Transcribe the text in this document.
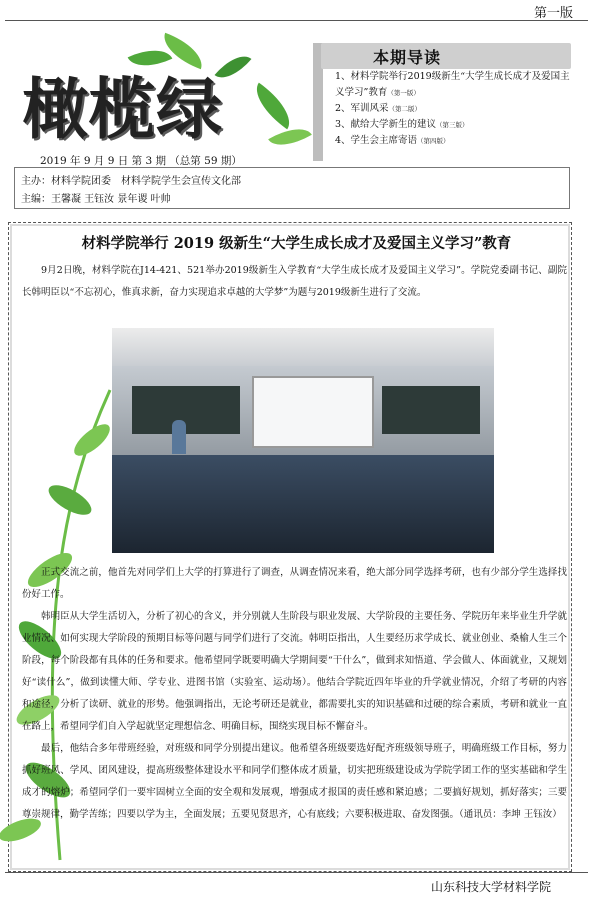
第一版
橄榄绿
2019 年 9 月 9 日 第 3 期 （总第 59 期）
本期导读
1、材料学院举行2019级新生“大学生成长成才及爱国主义学习”教育（第一版）
2、军训风采（第二版）
3、献给大学新生的建议（第三版）
4、学生会主席寄语（第四版）
主办：材料学院团委　材料学院学生会宣传文化部
主编：王馨凝 王钰汝 景年谡 叶帅
材料学院举行 2019 级新生“大学生成长成才及爱国主义学习”教育
9月2日晚，材料学院在J14-421、521举办2019级新生入学教育“大学生成长成才及爱国主义学习”。学院党委副书记、副院长韩明臣以“不忘初心，惟真求新，奋力实现追求卓越的大学梦”为题与2019级新生进行了交流。
正式交流之前，他首先对同学们上大学的打算进行了调查，从调查情况来看，绝大部分同学选择考研，也有少部分学生选择找份好工作。
韩明臣从大学生活切入，分析了初心的含义，并分别就人生阶段与职业发展、大学阶段的主要任务、学院历年来毕业生升学就业情况、如何实现大学阶段的预期目标等问题与同学们进行了交流。韩明臣指出，人生要经历求学成长、就业创业、桑榆人生三个阶段，每个阶段都有具体的任务和要求。他希望同学既要明确大学期间要“干什么”，做到求知悟道、学会做人、体面就业，又规划好“读什么”，做到读懂大师、学专业、进图书馆（实验室、运动场）。他结合学院近四年毕业的升学就业情况，介绍了考研的内容和途径，分析了读研、就业的形势。他强调指出，无论考研还是就业，都需要扎实的知识基础和过硬的综合素质，考研和就业一直在路上，希望同学们自入学起就坚定理想信念、明确目标，围绕实现目标不懈奋斗。
最后，他结合多年带班经验，对班级和同学分别提出建议。他希望各班级要选好配齐班级领导班子，明确班级工作目标，努力抓好班风、学风、团风建设，提高班级整体建设水平和同学们整体成才质量，切实把班级建设成为学院学团工作的坚实基础和学生成才的熔炉；希望同学们一要牢固树立全面的安全观和发展观，增强成才报国的责任感和紧迫感；二要搞好规划，抓好落实；三要尊崇规律，勤学苦练；四要以学为主，全面发展；五要见贤思齐，心有底线；六要积极进取、奋发图强。（通讯员：李坤 王钰汝）
山东科技大学材料学院
